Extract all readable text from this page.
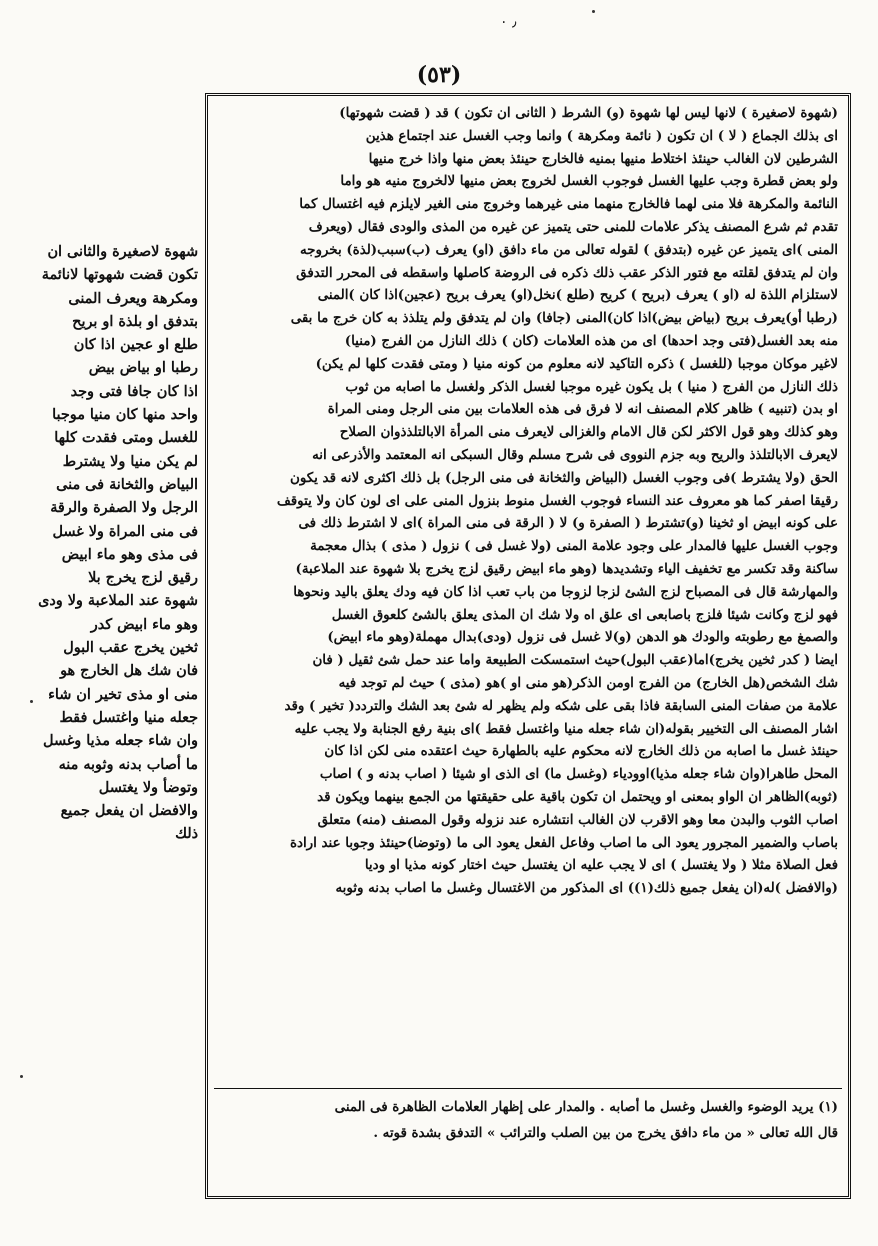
٫ ٠
(٥٣)
(شهوة لاصغيرة ) لانها ليس لها شهوة (و) الشرط ( الثانى ان تكون ) قد ( قضت شهوتها)
اى بذلك الجماع ( لا ) ان تكون ( نائمة ومكرهة ) وانما وجب الغسل عند اجتماع هذين
الشرطين لان الغالب حينئذ اختلاط منيها بمنيه فالخارج حينئذ بعض منها واذا خرج منيها
ولو بعض قطرة وجب عليها الغسل فوجوب الغسل لخروج بعض منيها لالخروج منيه هو واما
النائمة والمكرهة فلا منى لهما فالخارج منهما منى غيرهما وخروج منى الغير لايلزم فيه اغتسال كما
تقدم ثم شرع المصنف يذكر علامات للمنى حتى يتميز عن غيره من المذى والودى فقال (ويعرف
المنى )اى يتميز عن غيره (بتدفق ) لقوله تعالى من ماء دافق (او) يعرف (ب)سبب(لذة) بخروجه
وان لم يتدفق لقلته مع فتور الذكر عقب ذلك ذكره فى الروضة كاصلها واسقطه فى المحرر التدفق
لاستلزام اللذة له (او ) يعرف (بريح ) كريح (طلع )نخل(او) يعرف بريح (عجين)اذا كان )المنى
(رطبا أو)يعرف بريح (بياض بيض)اذا كان)المنى (جافا) وان لم يتدفق ولم يتلذذ به كان خرج ما بقى
منه بعد الغسل(فتى وجد احدها) اى من هذه العلامات (كان ) ذلك النازل من الفرج (منيا)
لاغير موكان موجبا (للغسل ) ذكره التاكيد لانه معلوم من كونه منيا ( ومتى فقدت كلها لم يكن)
ذلك النازل من الفرج ( منيا ) بل يكون غيره موجبا لغسل الذكر ولغسل ما اصابه من ثوب
او بدن (تنبيه ) ظاهر كلام المصنف انه لا فرق فى هذه العلامات بين منى الرجل ومنى المراة
وهو كذلك وهو قول الاكثر لكن قال الامام والغزالى لايعرف منى المرأة الابالتلذذوان الصلاح
لايعرف الابالتلذذ والريح وبه جزم النووى فى شرح مسلم وقال السبكى انه المعتمد والأذرعى انه
الحق (ولا يشترط )فى وجوب الغسل (البياض والثخانة فى منى الرجل) بل ذلك اكثرى لانه قد يكون
رقيقا اصفر كما هو معروف عند النساء فوجوب الغسل منوط بنزول المنى على اى لون كان ولا يتوقف
على كونه ابيض او ثخينا (و)تشترط ( الصفرة و) لا ( الرقة فى منى المراة )اى لا اشترط ذلك فى
وجوب الغسل عليها فالمدار على وجود علامة المنى (ولا غسل فى ) نزول ( مذى ) بذال معجمة
ساكنة وقد تكسر مع تخفيف الياء وتشديدها (وهو ماء ابيض رقيق لزج يخرج بلا شهوة عند الملاعبة)
والمهارشة قال فى المصباح لزج الشئ لزجا لزوجا من باب تعب اذا كان فيه ودك يعلق باليد ونحوها
فهو لزج وكانت شيئا فلزج باصابعى اى علق اه ولا شك ان المذى يعلق بالشئ كلعوق الغسل
والصمغ مع رطوبته والودك هو الدهن (و)لا غسل فى نزول (ودى)بدال مهملة(وهو ماء ابيض)
ايضا ( كدر ثخين يخرج)اما(عقب البول)حيث استمسكت الطبيعة واما عند حمل شئ ثقيل ( فان
شك الشخص(هل الخارج) من الفرج اومن الذكر(هو منى او )هو (مذى ) حيث لم توجد فيه
علامة من صفات المنى السابقة فاذا بقى على شكه ولم يظهر له شئ بعد الشك والتردد( تخير ) وقد
اشار المصنف الى التخيير بقوله(ان شاء جعله منيا واغتسل فقط )اى بنية رفع الجنابة ولا يجب عليه
حينئذ غسل ما اصابه من ذلك الخارج لانه محكوم عليه بالطهارة حيث اعتقده منى لكن اذا كان
المحل طاهرا(وان شاء جعله مذيا)اوودياء (وغسل ما) اى الذى او شيئا ( اصاب بدنه و ) اصاب
(ثوبه)الظاهر ان الواو بمعنى او ويحتمل ان تكون باقية على حقيقتها من الجمع بينهما ويكون قد
اصاب الثوب والبدن معا وهو الاقرب لان الغالب انتشاره عند نزوله وقول المصنف (منه) متعلق
باصاب والضمير المجرور يعود الى ما اصاب وفاعل الفعل يعود الى ما (وتوضا)حينئذ وجوبا عند ارادة
فعل الصلاة مثلا ( ولا يغتسل ) اى لا يجب عليه ان يغتسل حيث اختار كونه مذيا او وديا
(والافضل )له(ان يفعل جميع ذلك(١)) اى المذكور من الاغتسال وغسل ما اصاب بدنه وثوبه
(١) يريد الوضوء والغسل وغسل ما أصابه . والمدار على إظهار العلامات الظاهرة فى المنى
قال الله تعالى « من ماء دافق يخرج من بين الصلب والترائب » التدفق بشدة قوته .
شهوة لاصغيرة والثانى ان
تكون قضت شهوتها لانائمة
ومكرهة ويعرف المنى
بتدفق او بلذة او بريح
طلع او عجين اذا كان
رطبا او بياض بيض
اذا كان جافا فتى وجد
واحد منها كان منيا موجبا
للغسل ومتى فقدت كلها
لم يكن منيا ولا يشترط
البياض والثخانة فى منى
الرجل ولا الصفرة والرقة
فى منى المراة ولا غسل
فى مذى وهو ماء ابيض
رقيق لزج يخرج بلا
شهوة عند الملاعبة ولا ودى
وهو ماء ابيض كدر
ثخين يخرج عقب البول
فان شك هل الخارج هو
منى او مذى تخير ان شاء
جعله منيا واغتسل فقط
وان شاء جعله مذيا وغسل
ما أصاب بدنه وثوبه منه
وتوضأ ولا يغتسل
والافضل ان يفعل جميع
ذلك
